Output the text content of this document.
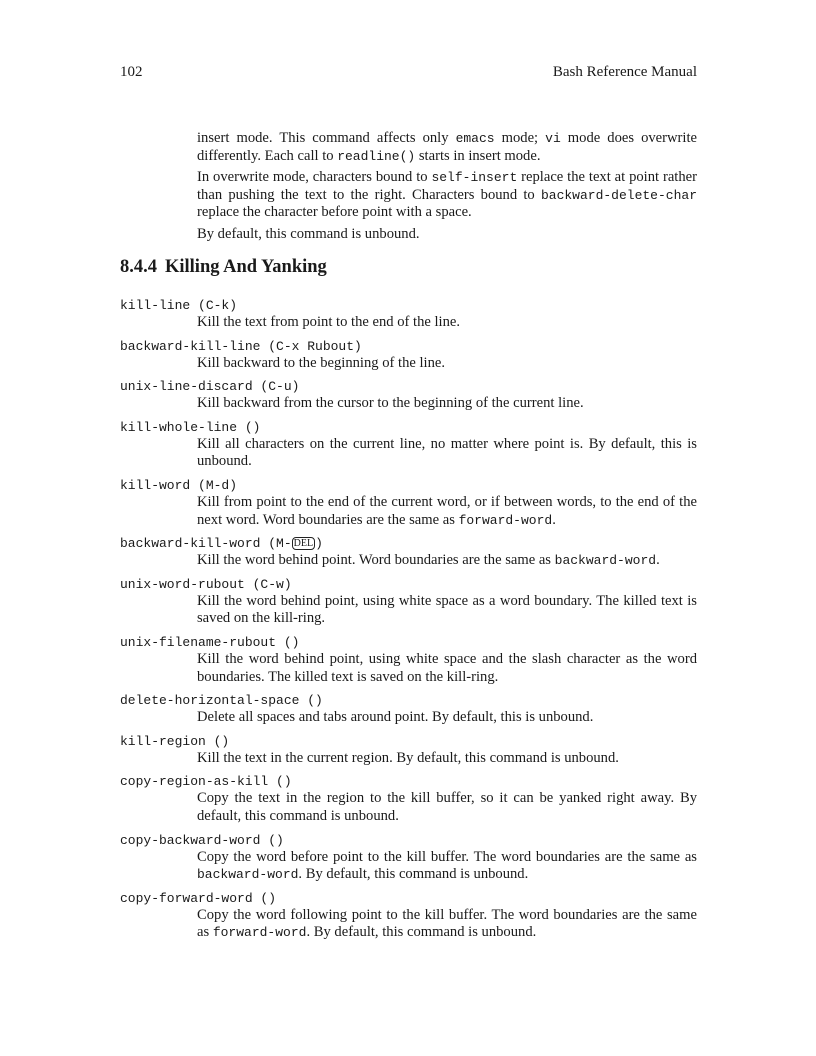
102	Bash Reference Manual

insert mode. This command affects only emacs mode; vi mode does overwrite differently. Each call to readline() starts in insert mode.

In overwrite mode, characters bound to self-insert replace the text at point rather than pushing the text to the right. Characters bound to backward-delete-char replace the character before point with a space.

By default, this command is unbound.

8.4.4 Killing And Yanking
kill-line (C-k)
Kill the text from point to the end of the line.
backward-kill-line (C-x Rubout)
Kill backward to the beginning of the line.
unix-line-discard (C-u)
Kill backward from the cursor to the beginning of the current line.
kill-whole-line ()
Kill all characters on the current line, no matter where point is. By default, this is unbound.
kill-word (M-d)
Kill from point to the end of the current word, or if between words, to the end of the next word. Word boundaries are the same as forward-word.
backward-kill-word (M- DEL )
Kill the word behind point. Word boundaries are the same as backward-word.
unix-word-rubout (C-w)
Kill the word behind point, using white space as a word boundary. The killed text is saved on the kill-ring.
unix-filename-rubout ()
Kill the word behind point, using white space and the slash character as the word boundaries. The killed text is saved on the kill-ring.
delete-horizontal-space ()
Delete all spaces and tabs around point. By default, this is unbound.
kill-region ()
Kill the text in the current region. By default, this command is unbound.
copy-region-as-kill ()
Copy the text in the region to the kill buffer, so it can be yanked right away. By default, this command is unbound.
copy-backward-word ()
Copy the word before point to the kill buffer. The word boundaries are the same as backward-word. By default, this command is unbound.
copy-forward-word ()
Copy the word following point to the kill buffer. The word boundaries are the same as forward-word. By default, this command is unbound.
